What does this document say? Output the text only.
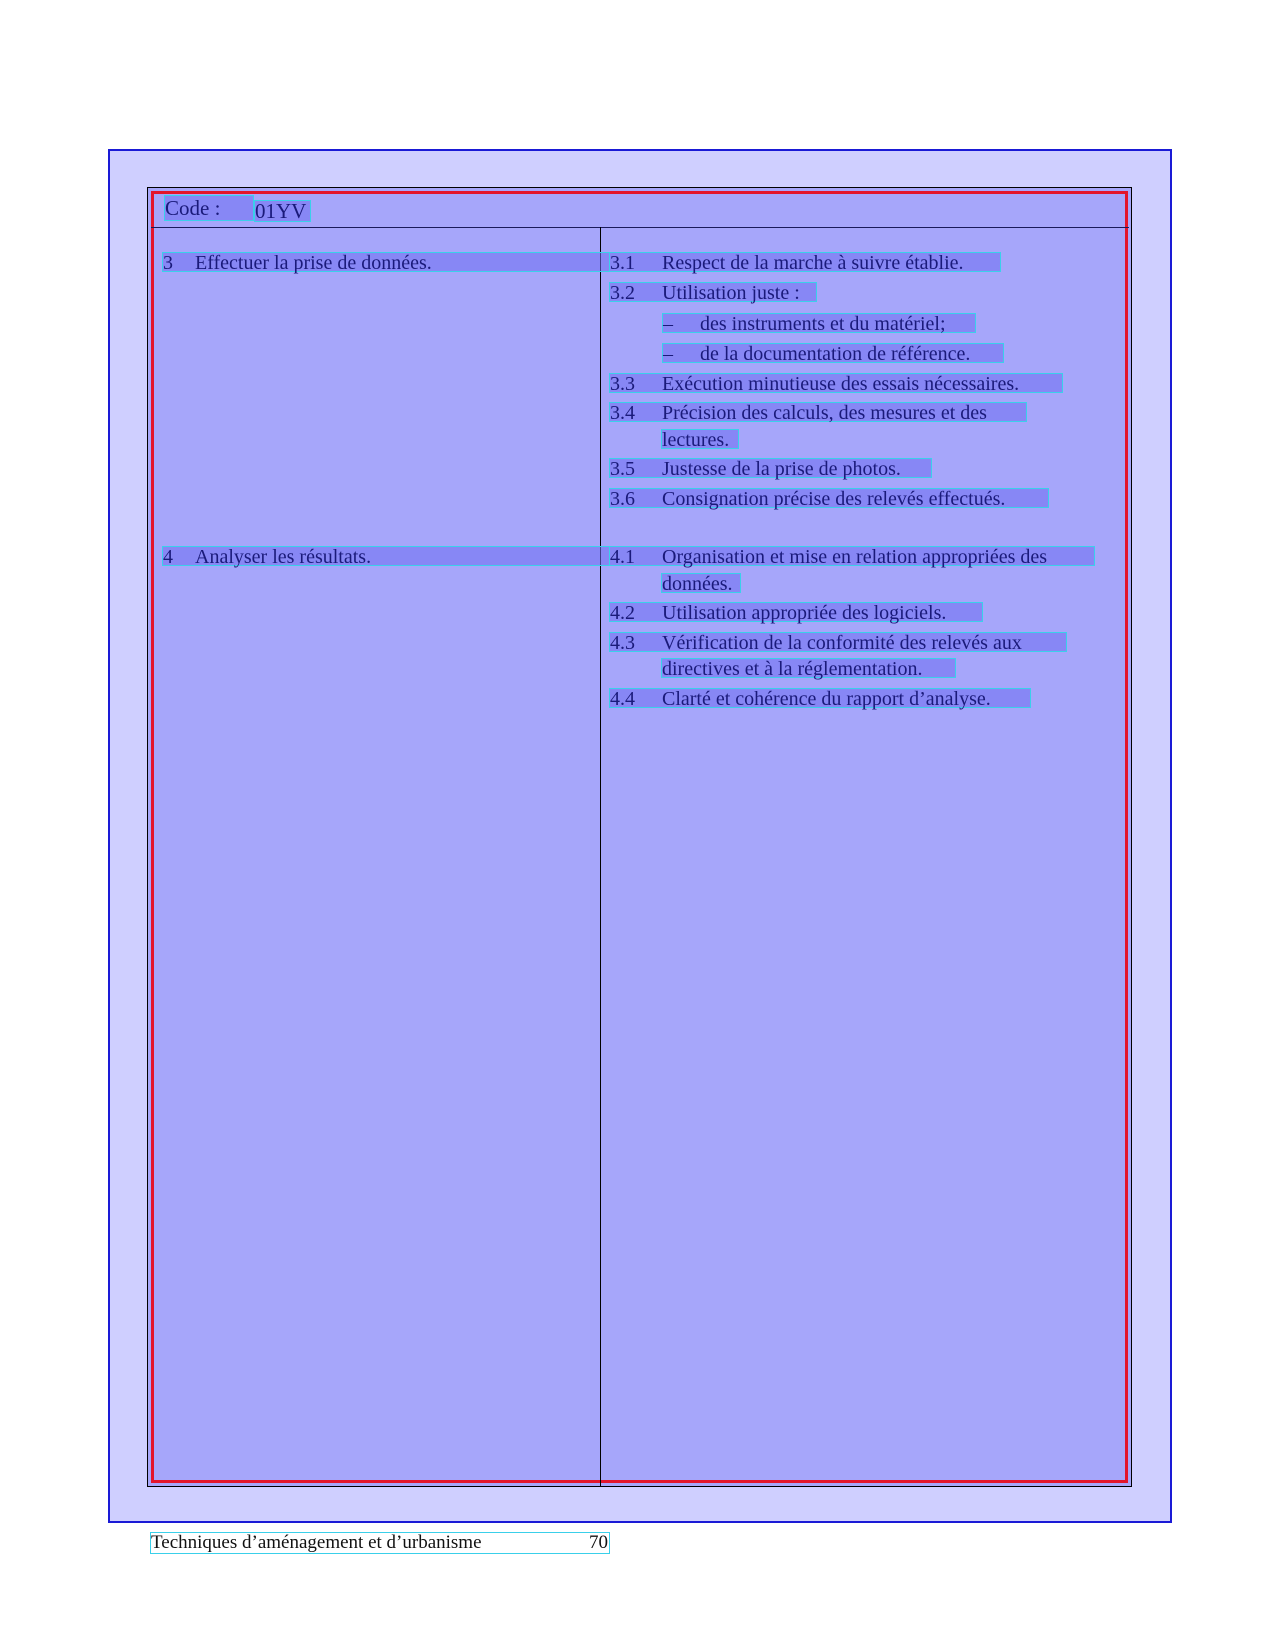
Code :	01YV
3 Effectuer la prise de données.	3.1 Respect de la marche à suivre établie.
3.2 Utilisation juste :
– des instruments et du matériel;
– de la documentation de référence.
3.3 Exécution minutieuse des essais nécessaires.
3.4 Précision des calculs, des mesures et des
lectures.
3.5 Justesse de la prise de photos.
3.6 Consignation précise des relevés effectués.
4 Analyser les résultats.	4.1 Organisation et mise en relation appropriées des
données.
4.2 Utilisation appropriée des logiciels.
4.3 Vérification de la conformité des relevés aux
directives et à la réglementation.
4.4 Clarté et cohérence du rapport d’analyse.
Techniques d’aménagement et d’urbanisme	70
